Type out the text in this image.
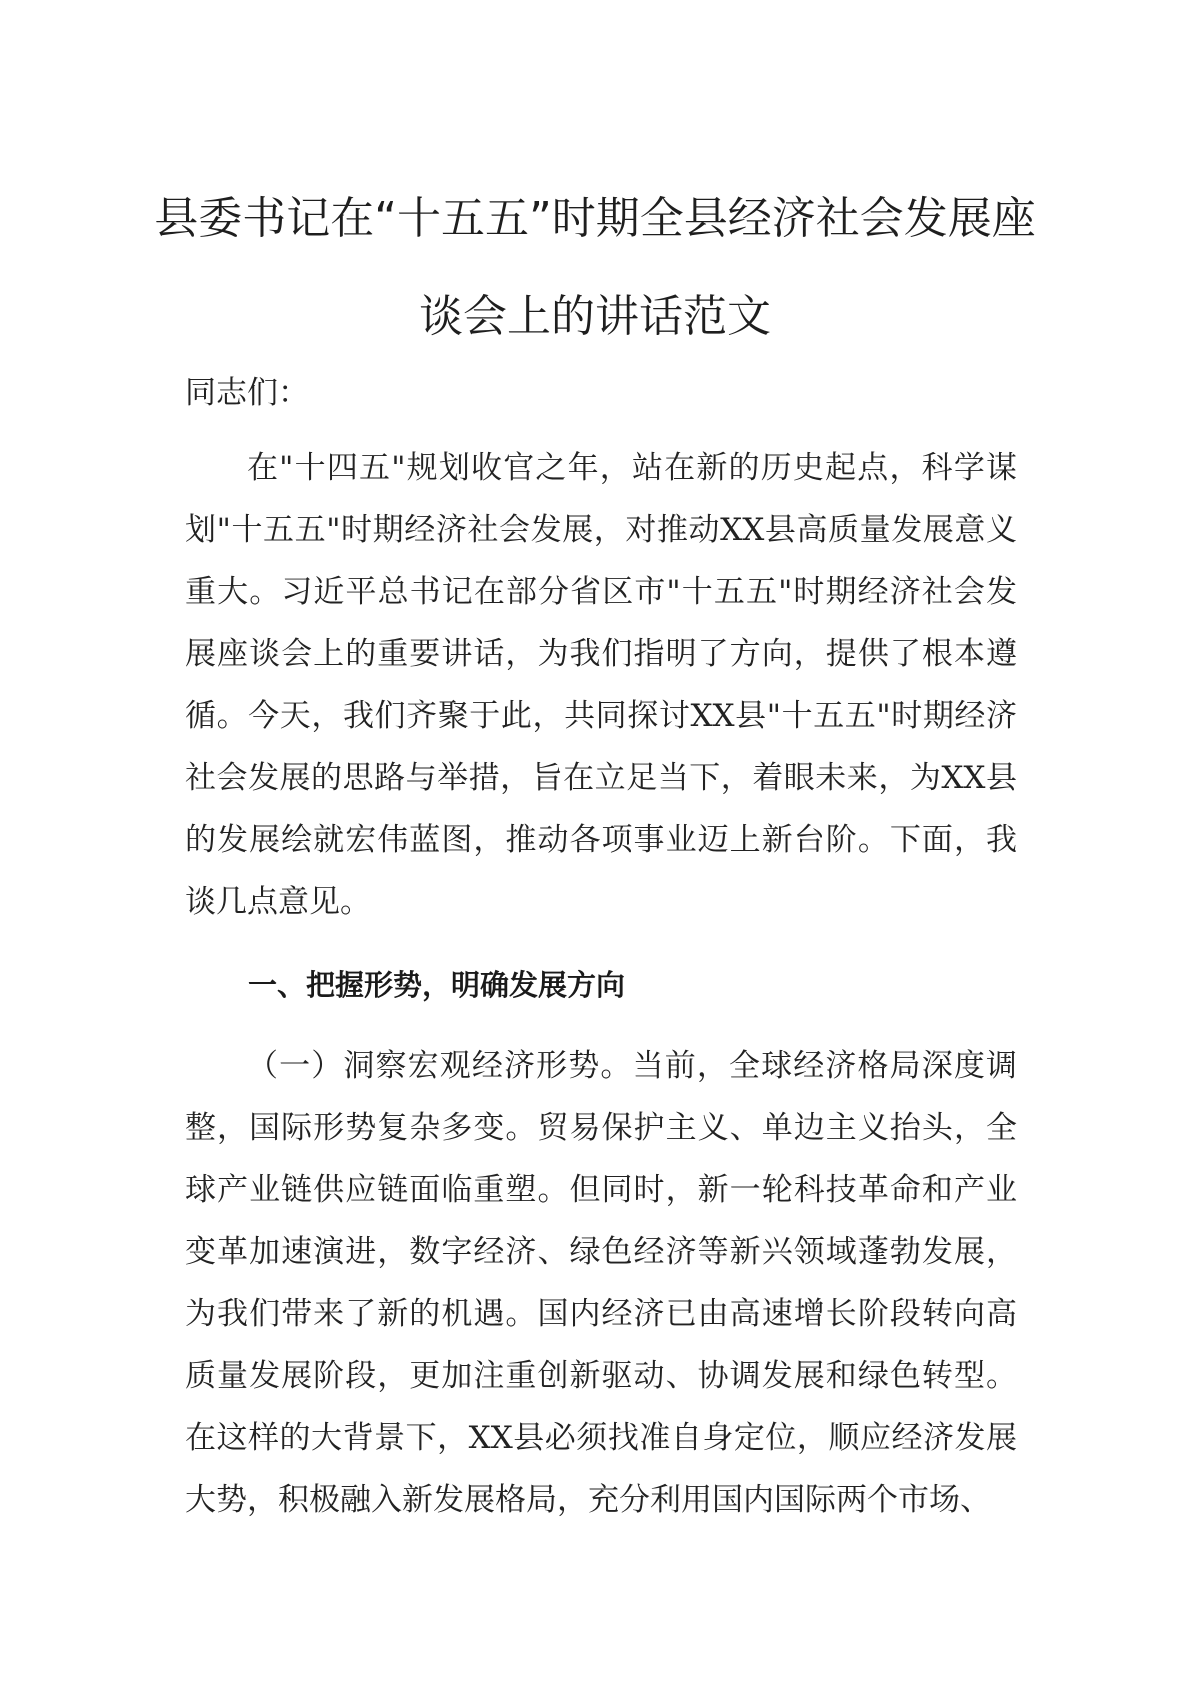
县委书记在“十五五”时期全县经济社会发展座
谈会上的讲话范文
同志们：
在"十四五"规划收官之年，站在新的历史起点，科学谋划"十五五"时期经济社会发展，对推动XX县高质量发展意义重大。习近平总书记在部分省区市"十五五"时期经济社会发展座谈会上的重要讲话，为我们指明了方向，提供了根本遵循。今天，我们齐聚于此，共同探讨XX县"十五五"时期经济社会发展的思路与举措，旨在立足当下，着眼未来，为XX县的发展绘就宏伟蓝图，推动各项事业迈上新台阶。下面，我谈几点意见。
一、把握形势，明确发展方向
（一）洞察宏观经济形势。当前，全球经济格局深度调整，国际形势复杂多变。贸易保护主义、单边主义抬头，全球产业链供应链面临重塑。但同时，新一轮科技革命和产业变革加速演进，数字经济、绿色经济等新兴领域蓬勃发展，为我们带来了新的机遇。国内经济已由高速增长阶段转向高质量发展阶段，更加注重创新驱动、协调发展和绿色转型。在这样的大背景下，XX县必须找准自身定位，顺应经济发展大势，积极融入新发展格局，充分利用国内国际两个市场、
